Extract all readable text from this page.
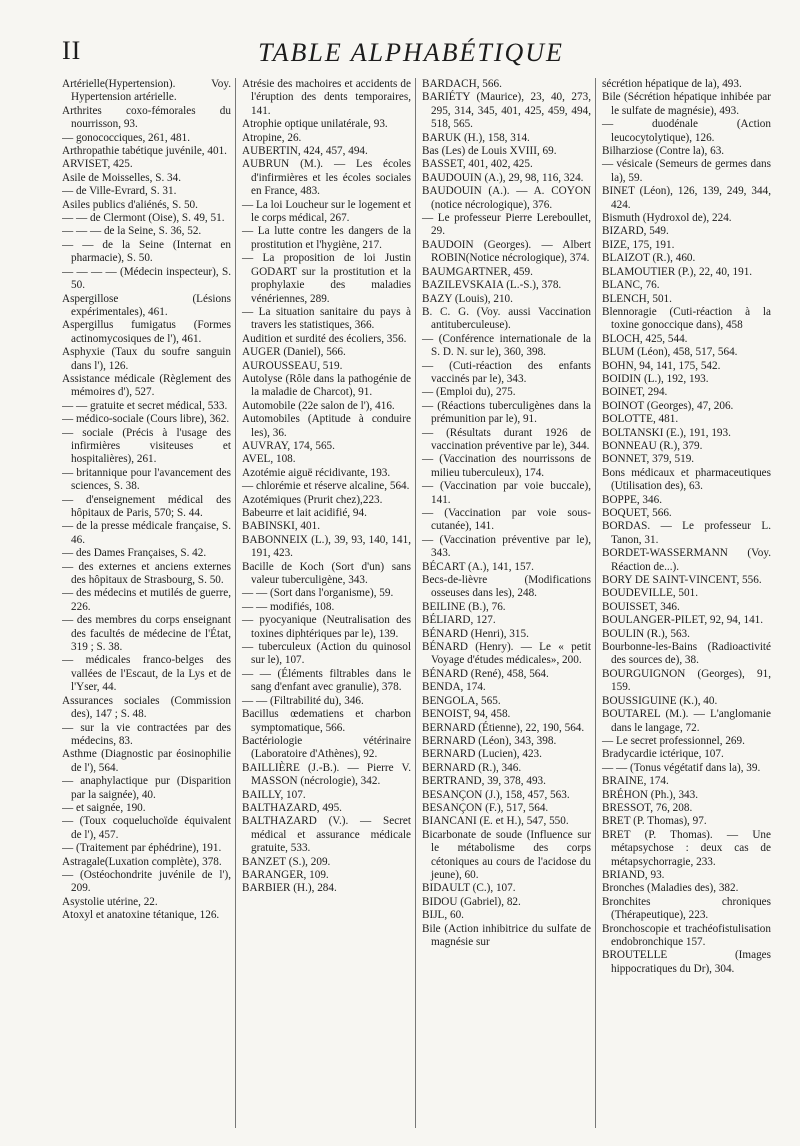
II	TABLE ALPHABÉTIQUE

Artérielle(Hypertension). Voy. Hypertension artérielle.

Arthrites coxo-fémorales du nourrisson, 93.

— gonococciques, 261, 481.

Arthropathie tabétique juvénile, 401.

ARVISET, 425.

Asile de Moisselles, S. 34.

— de Ville-Evrard, S. 31.

Asiles publics d'aliénés, S. 50.

— — de Clermont (Oise), S. 49, 51.

— — — de la Seine, S. 36, 52.

— — de la Seine (Internat en pharmacie), S. 50.

— — — — (Médecin inspecteur), S. 50.

Aspergillose (Lésions expérimentales), 461.

Aspergillus fumigatus (Formes actinomycosiques de l'), 461.

Asphyxie (Taux du soufre sanguin dans l'), 126.

Assistance médicale (Règlement des mémoires d'), 527.

— — gratuite et secret médical, 533.

— médico-sociale (Cours libre), 362.

— sociale (Précis à l'usage des infirmières visiteuses et hospitalières), 261.

— britannique pour l'avancement des sciences, S. 38.

— d'enseignement médical des hôpitaux de Paris, 570; S. 44.

— de la presse médicale française, S. 46.

— des Dames Françaises, S. 42.

— des externes et anciens externes des hôpitaux de Strasbourg, S. 50.

— des médecins et mutilés de guerre, 226.

— des membres du corps enseignant des facultés de médecine de l'État, 319 ; S. 38.

— médicales franco-belges des vallées de l'Escaut, de la Lys et de l'Yser, 44.

Assurances sociales (Commission des), 147 ; S. 48.

— sur la vie contractées par des médecins, 83.

Asthme (Diagnostic par éosinophilie de l'), 564.

— anaphylactique pur (Disparition par la saignée), 40.

— et saignée, 190.

— (Toux coqueluchoïde équivalent de l'), 457.

— (Traitement par éphédrine), 191.

Astragale(Luxation complète), 378.

— (Ostéochondrite juvénile de l'), 209.

Asystolie utérine, 22.

Atoxyl et anatoxine tétanique, 126.

Atrésie des machoires et accidents de l'éruption des dents temporaires, 141.

Atrophie optique unilatérale, 93.

Atropine, 26.

AUBERTIN, 424, 457, 494.

AUBRUN (M.). — Les écoles d'infirmières et les écoles sociales en France, 483.

— La loi Loucheur sur le logement et le corps médical, 267.

— La lutte contre les dangers de la prostitution et l'hygiène, 217.

— La proposition de loi Justin GODART sur la prostitution et la prophylaxie des maladies vénériennes, 289.

— La situation sanitaire du pays à travers les statistiques, 366.

Audition et surdité des écoliers, 356.

AUGER (Daniel), 566.

AUROUSSEAU, 519.

Autolyse (Rôle dans la pathogénie de la maladie de Charcot), 91.

Automobile (22e salon de l'), 416.

Automobiles (Aptitude à conduire les), 36.

AUVRAY, 174, 565.

AVEL, 108.

Azotémie aiguë récidivante, 193.

— chlorémie et réserve alcaline, 564.

Azotémiques (Prurit chez),223.

Babeurre et lait acidifié, 94.

BABINSKI, 401.

BABONNEIX (L.), 39, 93, 140, 141, 191, 423.

Bacille de Koch (Sort d'un) sans valeur tuberculigène, 343.

— — (Sort dans l'organisme), 59.

— — modifiés, 108.

— pyocyanique (Neutralisation des toxines diphtériques par le), 139.

— tuberculeux (Action du quinosol sur le), 107.

— — (Éléments filtrables dans le sang d'enfant avec granulie), 378.

— — (Filtrabilité du), 346.

Bacillus œdematiens et charbon symptomatique, 566.

Bactériologie vétérinaire (Laboratoire d'Athènes), 92.

BAILLIÈRE (J.-B.). — Pierre V. MASSON (nécrologie), 342.

BAILLY, 107.

BALTHAZARD, 495.

BALTHAZARD (V.). — Secret médical et assurance médicale gratuite, 533.

BANZET (S.), 209.

BARANGER, 109.

BARBIER (H.), 284.

BARDACH, 566.

BARIÉTY (Maurice), 23, 40, 273, 295, 314, 345, 401, 425, 459, 494, 518, 565.

BARUK (H.), 158, 314.

Bas (Les) de Louis XVIII, 69.

BASSET, 401, 402, 425.

BAUDOUIN (A.), 29, 98, 116, 324.

BAUDOUIN (A.). — A. COYON (notice nécrologique), 376.

— Le professeur Pierre Lereboullet, 29.

BAUDOIN (Georges). — Albert ROBIN(Notice nécrologique), 374.

BAUMGARTNER, 459.

BAZILEVSKAIA (L.-S.), 378.

BAZY (Louis), 210.

B. C. G. (Voy. aussi Vaccination antituberculeuse).

— (Conférence internationale de la S. D. N. sur le), 360, 398.

— (Cuti-réaction des enfants vaccinés par le), 343.

— (Emploi du), 275.

— (Réactions tuberculigènes dans la prémunition par le), 91.

— (Résultats durant 1926 de vaccination préventive par le), 344.

— (Vaccination des nourrissons de milieu tuberculeux), 174.

— (Vaccination par voie buccale), 141.

— (Vaccination par voie sous-cutanée), 141.

— (Vaccination préventive par le), 343.

BÉCART (A.), 141, 157.

Becs-de-lièvre (Modifications osseuses dans les), 248.

BEILINE (B.), 76.

BÉLIARD, 127.

BÉNARD (Henri), 315.

BÉNARD (Henry). — Le « petit Voyage d'études médicales», 200.

BÉNARD (René), 458, 564.

BENDA, 174.

BENGOLA, 565.

BENOIST, 94, 458.

BERNARD (Étienne), 22, 190, 564.

BERNARD (Léon), 343, 398.

BERNARD (Lucien), 423.

BERNARD (R.), 346.

BERTRAND, 39, 378, 493.

BESANÇON (J.), 158, 457, 563.

BESANÇON (F.), 517, 564.

BIANCANI (E. et H.), 547, 550.

Bicarbonate de soude (Influence sur le métabolisme des corps cétoniques au cours de l'acidose du jeune), 60.

BIDAULT (C.), 107.

BIDOU (Gabriel), 82.

BIJL, 60.

Bile (Action inhibitrice du sulfate de magnésie sur

sécrétion hépatique de la), 493.

Bile (Sécrétion hépatique inhibée par le sulfate de magnésie), 493.

— duodénale (Action leucocytolytique), 126.

Bilharziose (Contre la), 63.

— vésicale (Semeurs de germes dans la), 59.

BINET (Léon), 126, 139, 249, 344, 424.

Bismuth (Hydroxol de), 224.

BIZARD, 549.

BIZE, 175, 191.

BLAIZOT (R.), 460.

BLAMOUTIER (P.), 22, 40, 191.

BLANC, 76.

BLENCH, 501.

Blennoragie (Cuti-réaction à la toxine gonoccique dans), 458

BLOCH, 425, 544.

BLUM (Léon), 458, 517, 564.

BOHN, 94, 141, 175, 542.

BOIDIN (L.), 192, 193.

BOINET, 294.

BOINOT (Georges), 47, 206.

BOLOTTE, 481.

BOLTANSKI (E.), 191, 193.

BONNEAU (R.), 379.

BONNET, 379, 519.

Bons médicaux et pharmaceutiques (Utilisation des), 63.

BOPPE, 346.

BOQUET, 566.

BORDAS. — Le professeur L. Tanon, 31.

BORDET-WASSERMANN (Voy. Réaction de...).

BORY DE SAINT-VINCENT, 556.

BOUDEVILLE, 501.

BOUISSET, 346.

BOULANGER-PILET, 92, 94, 141.

BOULIN (R.), 563.

Bourbonne-les-Bains (Radioactivité des sources de), 38.

BOURGUIGNON (Georges), 91, 159.

BOUSSIGUINE (K.), 40.

BOUTAREL (M.). — L'anglomanie dans le langage, 72.

— Le secret professionnel, 269.

Bradycardie ictérique, 107.

— — (Tonus végétatif dans la), 39.

BRAINE, 174.

BRÉHON (Ph.), 343.

BRESSOT, 76, 208.

BRET (P. Thomas), 97.

BRET (P. Thomas). — Une métapsychose : deux cas de métapsychorragie, 233.

BRIAND, 93.

Bronches (Maladies des), 382.

Bronchites chroniques (Thérapeutique), 223.

Bronchoscopie et trachéofistulisation endobronchique 157.

BROUTELLE (Images hippocratiques du Dr), 304.
